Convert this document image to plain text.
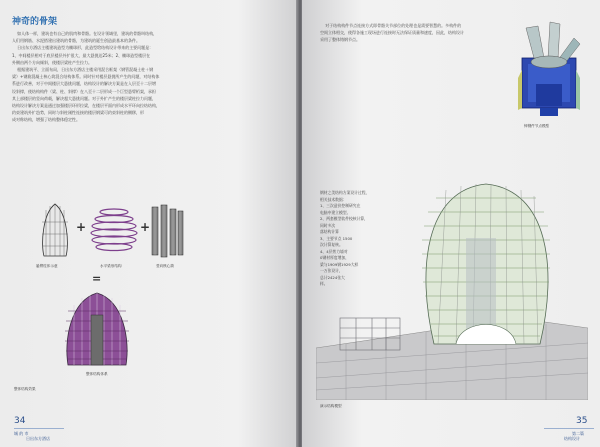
神奇的骨架
如人体一样，建筑也有自己的肌肉和骨骼。在设计领域里，建筑的骨骼叫结构，
人们用钢筋、水泥搭建出建筑的骨骼，为建筑的诞生创造最基本的条件。
日出东方酒店主楼建筑造型为椭球形，此造型给结构设计带来的主要问题是：
1、中间楼层相对于底层楼层外扩很大，最大悬挑达25米；2、椭球造型楼层在
外侧由两个方向倾斜，使楼层梁柱产生拉力。
根据建筑平、立面布局，日出东方酒店主楼采用混合框架（钢管混凝土柱＋钢
梁）+钢筋混凝土核心筒混合结构体系。同时针对楼层悬挑所产生的问题，对结构体
系进行改善，对于中间楼层大悬挑问题，结构设计的解决方案是在入层至十二层增
设斜撑，使结构构件（梁、柱、斜撑）在八至十二层形成一个巨型悬臂桁架，承担
其上部楼层的竖向荷载，解决超大悬挑问题。对于外扩产生的楼层梁柱拉力问题，
结构设计解决方案是通过加强楼层环形拉梁，在楼层平面内形成水平环向拉结结构，
约束建筑外扩趋势，同时与斜柱刚性连接的楼层钢梁可约束斜柱的侧移，形
成对称结构，增强了结构整体稳定性。
+	+
悬臂柱体示意	水平梁形结构	竖向核心筒
=
整体结构体系
整体结构效果
34
城 的 市
日出东方酒店
对于结构构件节点连接方式即骨骼关节部位的处理也是需要智慧的。多构件的
空间立体相交，使得各施工现场进行连接时无法保证质量和速度，因此，结构设计
采用了整体铸钢节点。
铸钢件节点模型
钢材之美结构方案设计过程，
相关技术数据：
1、三次造价控制研究在
电脑中建立模型。
2、两套模型软件校核计算，
同时多次
落结构计算
3、主要节点 1500
次计算复核。
4、4层剪力墙对
0钢材厚度增加，
梁与1909钢1929大样
一万张设计，
总计2424张大
样。
演示结构模型
35
第二篇
结构设计
